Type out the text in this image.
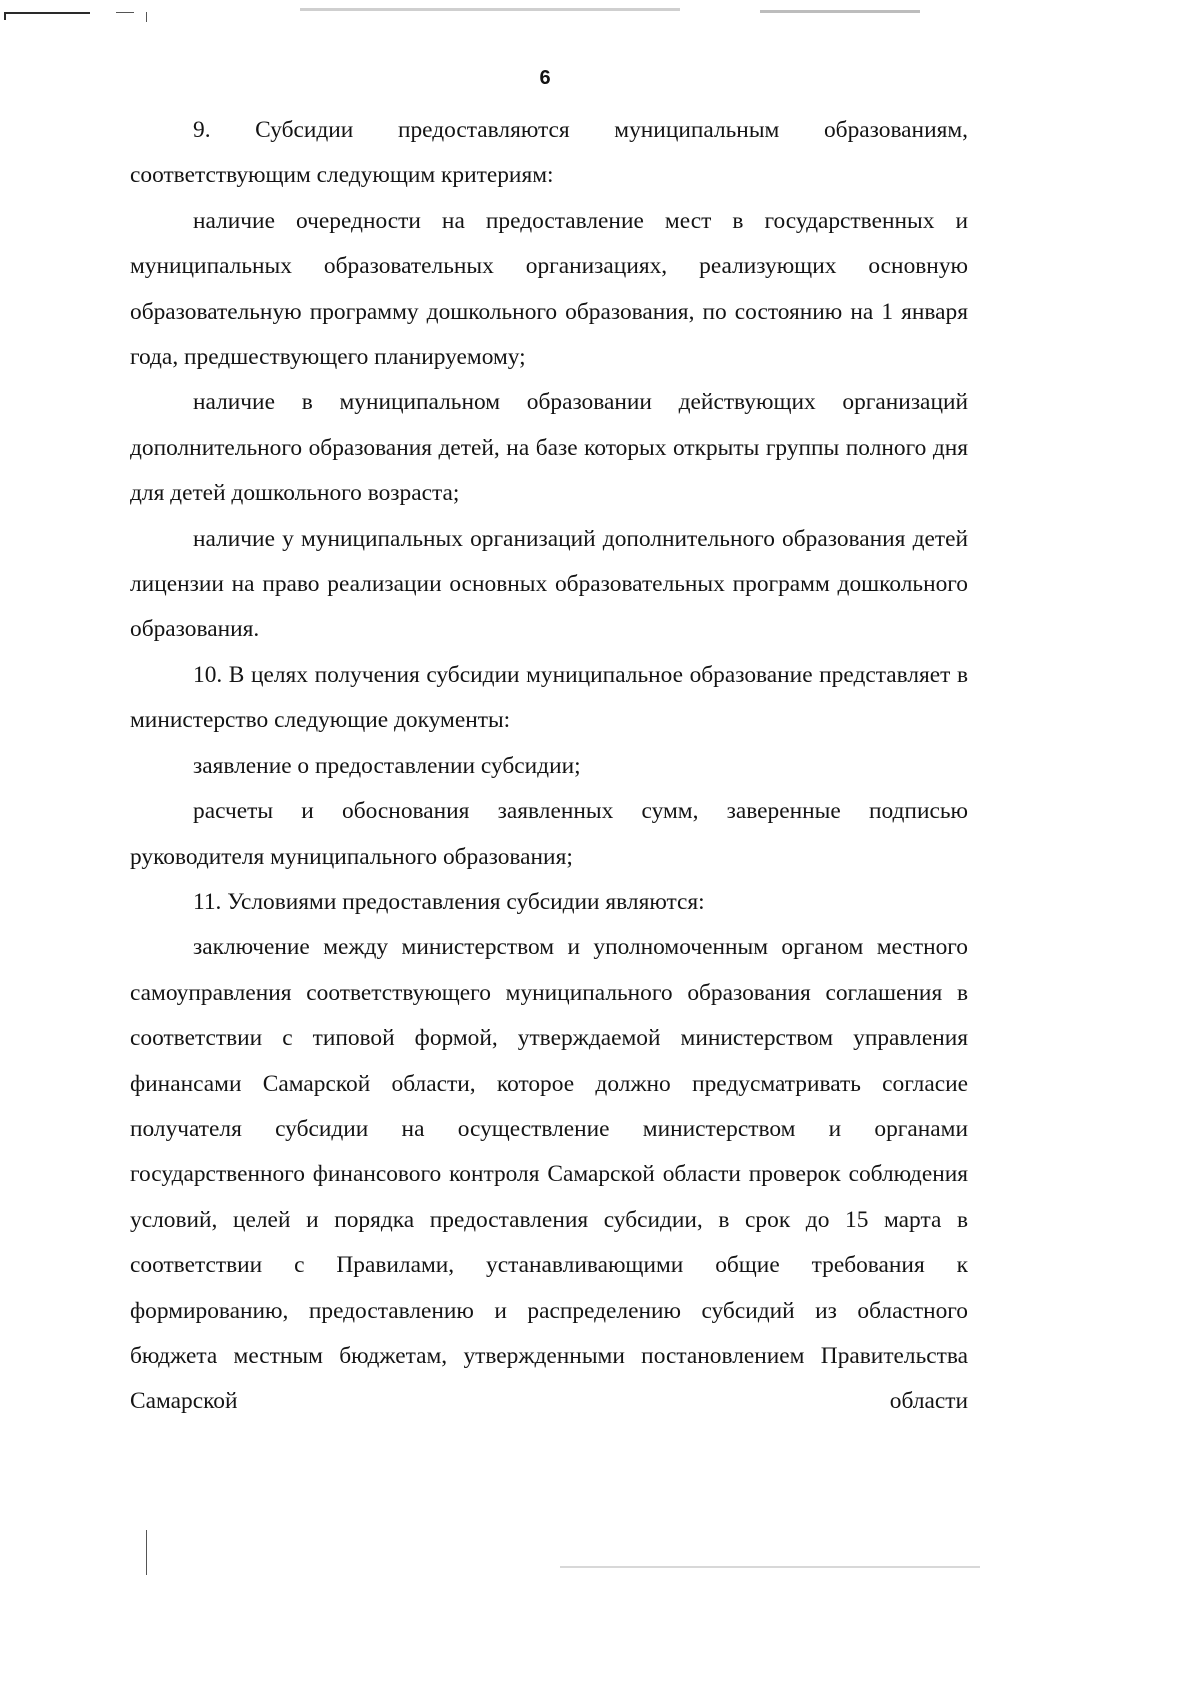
6

9. Субсидии предоставляются муниципальным образованиям, соответствующим следующим критериям:

наличие очередности на предоставление мест в государственных и муниципальных образовательных организациях, реализующих основную образовательную программу дошкольного образования, по состоянию на 1 января года, предшествующего планируемому;

наличие в муниципальном образовании действующих организаций дополнительного образования детей, на базе которых открыты группы полного дня для детей дошкольного возраста;

наличие у муниципальных организаций дополнительного образования детей лицензии на право реализации основных образовательных программ дошкольного образования.

10. В целях получения субсидии муниципальное образование представляет в министерство следующие документы:

заявление о предоставлении субсидии;

расчеты и обоснования заявленных сумм, заверенные подписью руководителя муниципального образования;

11. Условиями предоставления субсидии являются:

заключение между министерством и уполномоченным органом местного самоуправления соответствующего муниципального образования соглашения в соответствии с типовой формой, утверждаемой министерством управления финансами Самарской области, которое должно предусматривать согласие получателя субсидии на осуществление министерством и органами государственного финансового контроля Самарской области проверок соблюдения условий, целей и порядка предоставления субсидии, в срок до 15 марта в соответствии с Правилами, устанавливающими общие требования к формированию, предоставлению и распределению субсидий из областного бюджета местным бюджетам, утвержденными постановлением Правительства Самарской области
